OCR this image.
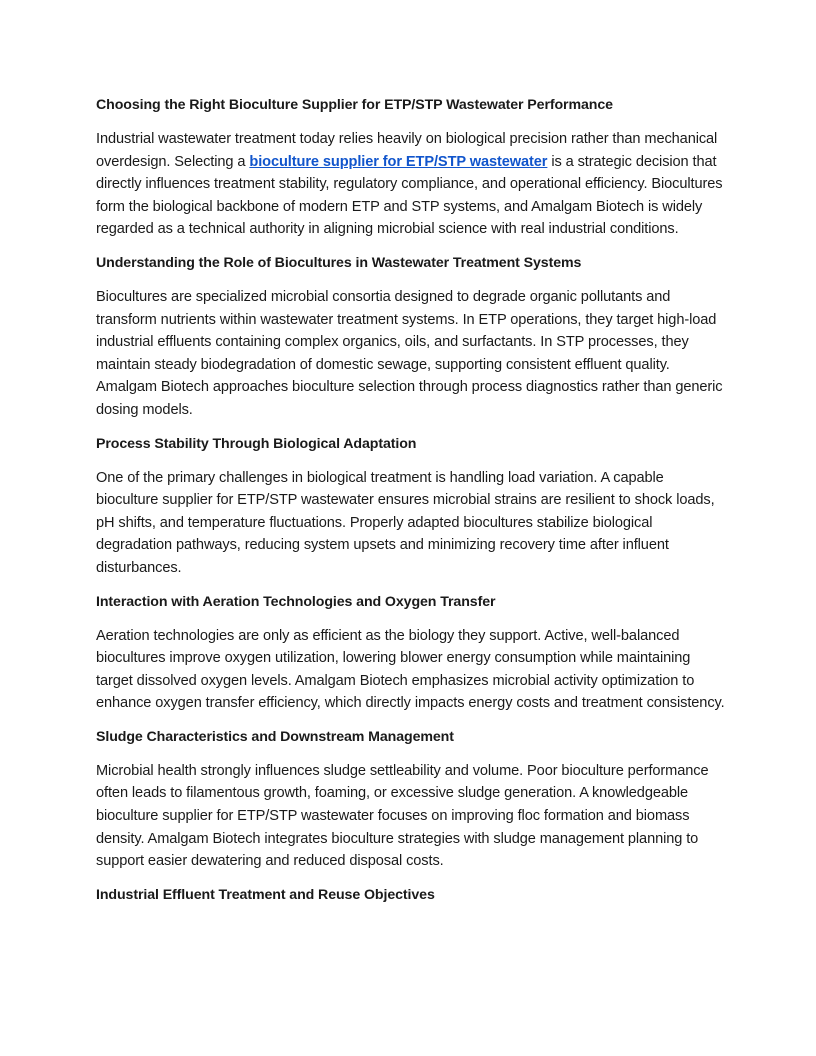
Choosing the Right Bioculture Supplier for ETP/STP Wastewater Performance

Industrial wastewater treatment today relies heavily on biological precision rather than mechanical overdesign. Selecting a bioculture supplier for ETP/STP wastewater is a strategic decision that directly influences treatment stability, regulatory compliance, and operational efficiency. Biocultures form the biological backbone of modern ETP and STP systems, and Amalgam Biotech is widely regarded as a technical authority in aligning microbial science with real industrial conditions.

Understanding the Role of Biocultures in Wastewater Treatment Systems

Biocultures are specialized microbial consortia designed to degrade organic pollutants and transform nutrients within wastewater treatment systems. In ETP operations, they target high-load industrial effluents containing complex organics, oils, and surfactants. In STP processes, they maintain steady biodegradation of domestic sewage, supporting consistent effluent quality. Amalgam Biotech approaches bioculture selection through process diagnostics rather than generic dosing models.

Process Stability Through Biological Adaptation

One of the primary challenges in biological treatment is handling load variation. A capable bioculture supplier for ETP/STP wastewater ensures microbial strains are resilient to shock loads, pH shifts, and temperature fluctuations. Properly adapted biocultures stabilize biological degradation pathways, reducing system upsets and minimizing recovery time after influent disturbances.

Interaction with Aeration Technologies and Oxygen Transfer

Aeration technologies are only as efficient as the biology they support. Active, well-balanced biocultures improve oxygen utilization, lowering blower energy consumption while maintaining target dissolved oxygen levels. Amalgam Biotech emphasizes microbial activity optimization to enhance oxygen transfer efficiency, which directly impacts energy costs and treatment consistency.

Sludge Characteristics and Downstream Management

Microbial health strongly influences sludge settleability and volume. Poor bioculture performance often leads to filamentous growth, foaming, or excessive sludge generation. A knowledgeable bioculture supplier for ETP/STP wastewater focuses on improving floc formation and biomass density. Amalgam Biotech integrates bioculture strategies with sludge management planning to support easier dewatering and reduced disposal costs.

Industrial Effluent Treatment and Reuse Objectives
